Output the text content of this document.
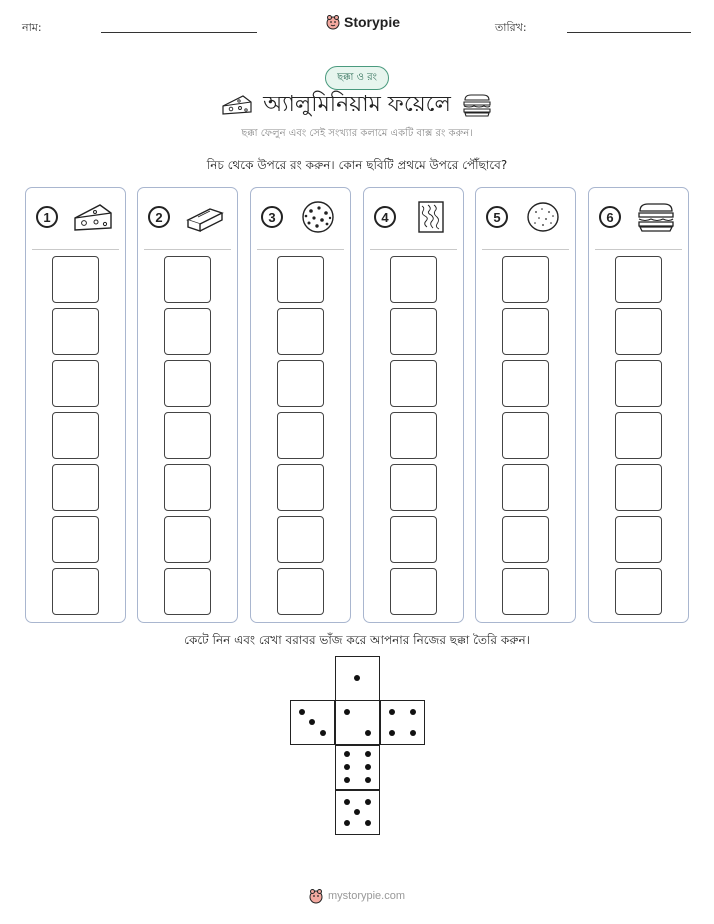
নাম:	Storypie	তারিখ:
ছক্কা ও রং
অ্যালুমিনিয়াম ফয়েলে
ছক্কা ফেলুন এবং সেই সংখ্যার কলামে একটি বাক্স রং করুন।
নিচ থেকে উপরে রং করুন। কোন ছবিটি প্রথমে উপরে পৌঁছাবে?
1	2	3	4	5	6
কেটে নিন এবং রেখা বরাবর ভাঁজ করে আপনার নিজের ছক্কা তৈরি করুন।
mystorypie.com
